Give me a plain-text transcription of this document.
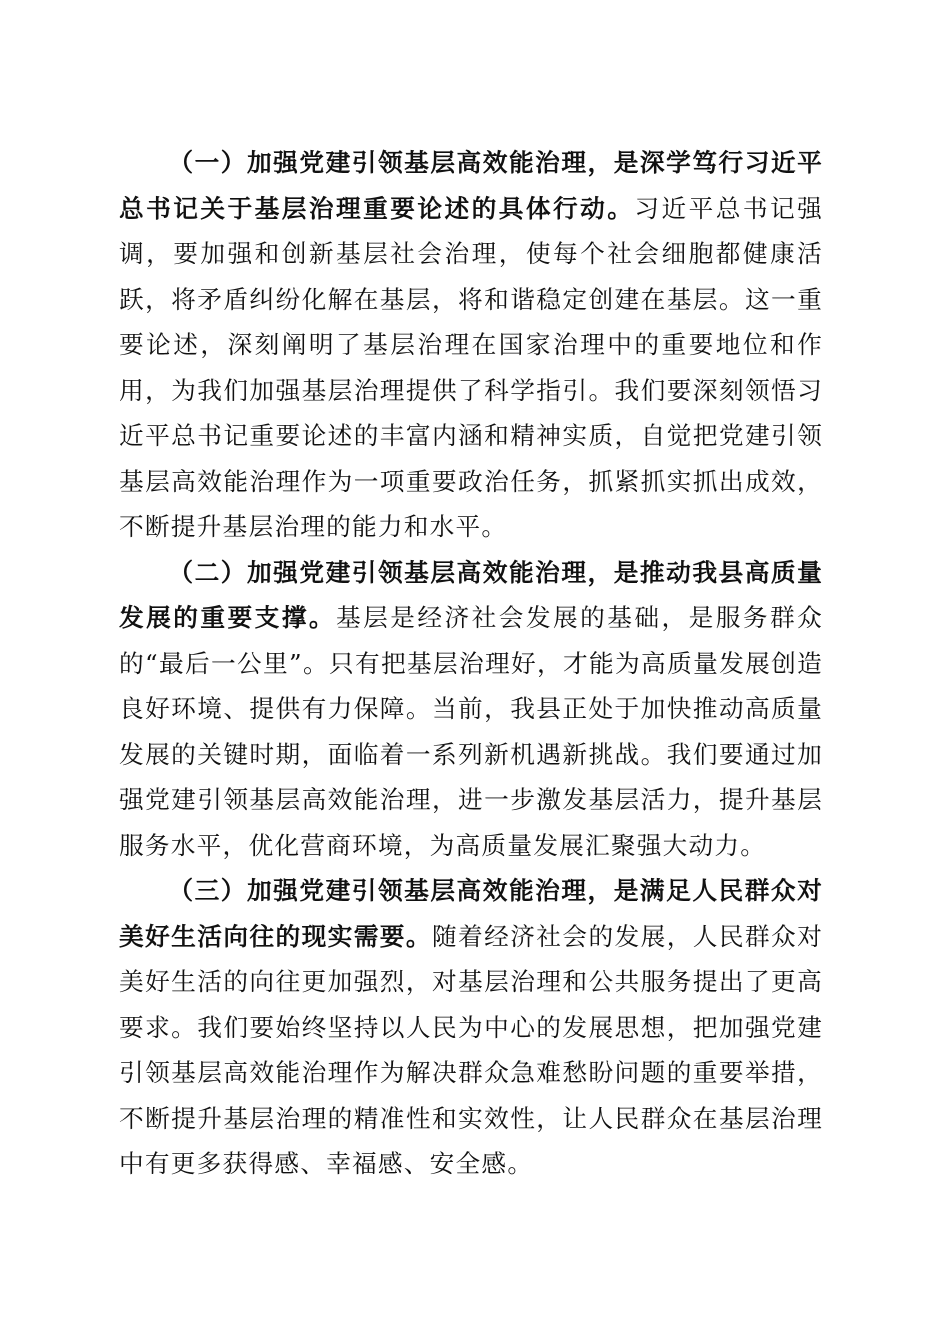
（一）加强党建引领基层高效能治理，是深学笃行习近平总书记关于基层治理重要论述的具体行动。习近平总书记强调，要加强和创新基层社会治理，使每个社会细胞都健康活跃，将矛盾纠纷化解在基层，将和谐稳定创建在基层。这一重要论述，深刻阐明了基层治理在国家治理中的重要地位和作用，为我们加强基层治理提供了科学指引。我们要深刻领悟习近平总书记重要论述的丰富内涵和精神实质，自觉把党建引领基层高效能治理作为一项重要政治任务，抓紧抓实抓出成效，不断提升基层治理的能力和水平。

（二）加强党建引领基层高效能治理，是推动我县高质量发展的重要支撑。基层是经济社会发展的基础，是服务群众的“最后一公里”。只有把基层治理好，才能为高质量发展创造良好环境、提供有力保障。当前，我县正处于加快推动高质量发展的关键时期，面临着一系列新机遇新挑战。我们要通过加强党建引领基层高效能治理，进一步激发基层活力，提升基层服务水平，优化营商环境，为高质量发展汇聚强大动力。

（三）加强党建引领基层高效能治理，是满足人民群众对美好生活向往的现实需要。随着经济社会的发展，人民群众对美好生活的向往更加强烈，对基层治理和公共服务提出了更高要求。我们要始终坚持以人民为中心的发展思想，把加强党建引领基层高效能治理作为解决群众急难愁盼问题的重要举措，不断提升基层治理的精准性和实效性，让人民群众在基层治理中有更多获得感、幸福感、安全感。
